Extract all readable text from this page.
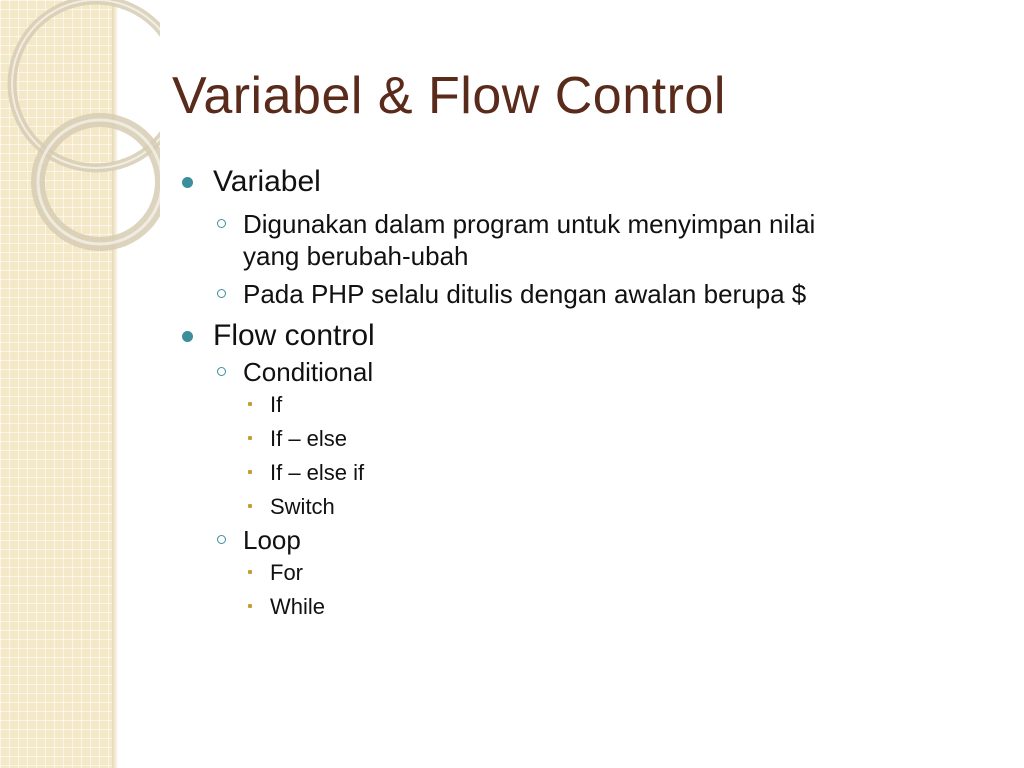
Variabel & Flow Control
Variabel
Digunakan dalam program untuk menyimpan nilai
yang berubah-ubah
Pada PHP selalu ditulis dengan awalan berupa $
Flow control
Conditional
If
If – else
If – else if
Switch
Loop
For
While
